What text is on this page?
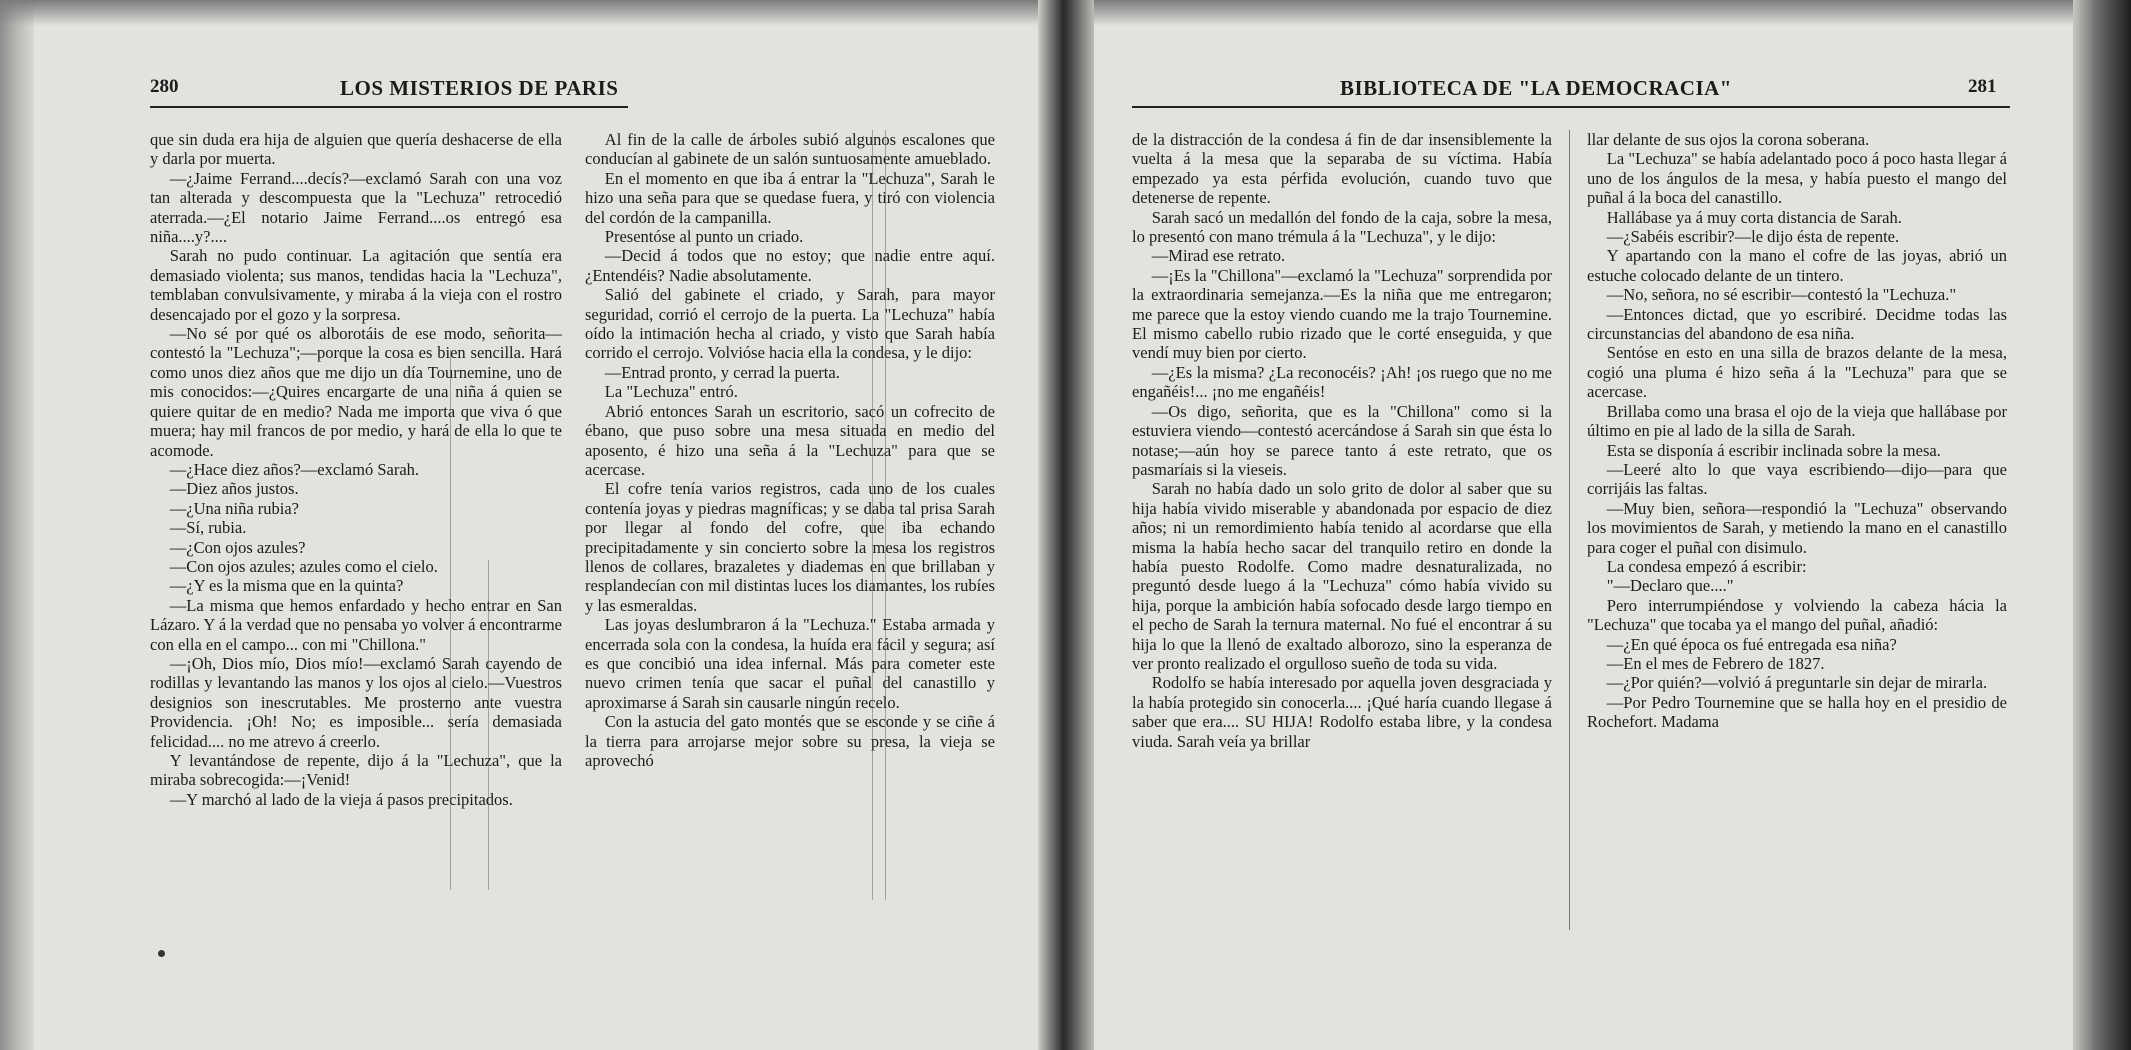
280	LOS MISTERIOS DE PARIS

que sin duda era hija de alguien que quería deshacerse de ella y darla por muerta.

—¿Jaime Ferrand....decís?—exclamó Sarah con una voz tan alterada y descompuesta que la "Lechuza" retrocedió aterrada.—¿El notario Jaime Ferrand....os entregó esa niña....y?....

Sarah no pudo continuar. La agitación que sentía era demasiado violenta; sus manos, tendidas hacia la "Lechuza", temblaban convulsivamente, y miraba á la vieja con el rostro desencajado por el gozo y la sorpresa.

—No sé por qué os alborotáis de ese modo, señorita—contestó la "Lechuza";—porque la cosa es bien sencilla. Hará como unos diez años que me dijo un día Tournemine, uno de mis conocidos:—¿Quires encargarte de una niña á quien se quiere quitar de en medio? Nada me importa que viva ó que muera; hay mil francos de por medio, y hará de ella lo que te acomode.

—¿Hace diez años?—exclamó Sarah.

—Diez años justos.

—¿Una niña rubia?

—Sí, rubia.

—¿Con ojos azules?

—Con ojos azules; azules como el cielo.

—¿Y es la misma que en la quinta?

—La misma que hemos enfardado y hecho entrar en San Lázaro. Y á la verdad que no pensaba yo volver á encontrarme con ella en el campo... con mi "Chillona."

—¡Oh, Dios mío, Dios mío!—exclamó Sarah cayendo de rodillas y levantando las manos y los ojos al cielo.—Vuestros designios son inescrutables. Me prosterno ante vuestra Providencia. ¡Oh! No; es imposible... sería demasiada felicidad.... no me atrevo á creerlo.

Y levantándose de repente, dijo á la "Lechuza", que la miraba sobrecogida:—¡Venid!

—Y marchó al lado de la vieja á pasos precipitados.

Al fin de la calle de árboles subió algunos escalones que conducían al gabinete de un salón suntuosamente amueblado.

En el momento en que iba á entrar la "Lechuza", Sarah le hizo una seña para que se quedase fuera, y tiró con violencia del cordón de la campanilla.

Presentóse al punto un criado.

—Decid á todos que no estoy; que nadie entre aquí. ¿Entendéis? Nadie absolutamente.

Salió del gabinete el criado, y Sarah, para mayor seguridad, corrió el cerrojo de la puerta. La "Lechuza" había oído la intimación hecha al criado, y visto que Sarah había corrido el cerrojo. Volvióse hacia ella la condesa, y le dijo:

—Entrad pronto, y cerrad la puerta.

La "Lechuza" entró.

Abrió entonces Sarah un escritorio, sacó un cofrecito de ébano, que puso sobre una mesa situada en medio del aposento, é hizo una seña á la "Lechuza" para que se acercase.

El cofre tenía varios registros, cada uno de los cuales contenía joyas y piedras magníficas; y se daba tal prisa Sarah por llegar al fondo del cofre, que iba echando precipitadamente y sin concierto sobre la mesa los registros llenos de collares, brazaletes y diademas en que brillaban y resplandecían con mil distintas luces los diamantes, los rubíes y las esmeraldas.

Las joyas deslumbraron á la "Lechuza." Estaba armada y encerrada sola con la condesa, la huída era fácil y segura; así es que concibió una idea infernal. Más para cometer este nuevo crimen tenía que sacar el puñal del canastillo y aproximarse á Sarah sin causarle ningún recelo.

Con la astucia del gato montés que se esconde y se ciñe á la tierra para arrojarse mejor sobre su presa, la vieja se aprovechó

BIBLIOTECA DE "LA DEMOCRACIA"	281

de la distracción de la condesa á fin de dar insensiblemente la vuelta á la mesa que la separaba de su víctima. Había empezado ya esta pérfida evolución, cuando tuvo que detenerse de repente.

Sarah sacó un medallón del fondo de la caja, sobre la mesa, lo presentó con mano trémula á la "Lechuza", y le dijo:

—Mirad ese retrato.

—¡Es la "Chillona"—exclamó la "Lechuza" sorprendida por la extraordinaria semejanza.—Es la niña que me entregaron; me parece que la estoy viendo cuando me la trajo Tournemine. El mismo cabello rubio rizado que le corté enseguida, y que vendí muy bien por cierto.

—¿Es la misma? ¿La reconocéis? ¡Ah! ¡os ruego que no me engañéis!... ¡no me engañéis!

—Os digo, señorita, que es la "Chillona" como si la estuviera viendo—contestó acercándose á Sarah sin que ésta lo notase;—aún hoy se parece tanto á este retrato, que os pasmaríais si la vieseis.

Sarah no había dado un solo grito de dolor al saber que su hija había vivido miserable y abandonada por espacio de diez años; ni un remordimiento había tenido al acordarse que ella misma la había hecho sacar del tranquilo retiro en donde la había puesto Rodolfe. Como madre desnaturalizada, no preguntó desde luego á la "Lechuza" cómo había vivido su hija, porque la ambición había sofocado desde largo tiempo en el pecho de Sarah la ternura maternal. No fué el encontrar á su hija lo que la llenó de exaltado alborozo, sino la esperanza de ver pronto realizado el orgulloso sueño de toda su vida.

Rodolfo se había interesado por aquella joven desgraciada y la había protegido sin conocerla.... ¡Qué haría cuando llegase á saber que era.... SU HIJA! Rodolfo estaba libre, y la condesa viuda. Sarah veía ya brillar

llar delante de sus ojos la corona soberana.

La "Lechuza" se había adelantado poco á poco hasta llegar á uno de los ángulos de la mesa, y había puesto el mango del puñal á la boca del canastillo.

Hallábase ya á muy corta distancia de Sarah.

—¿Sabéis escribir?—le dijo ésta de repente.

Y apartando con la mano el cofre de las joyas, abrió un estuche colocado delante de un tintero.

—No, señora, no sé escribir—contestó la "Lechuza."

—Entonces dictad, que yo escribiré. Decidme todas las circunstancias del abandono de esa niña.

Sentóse en esto en una silla de brazos delante de la mesa, cogió una pluma é hizo seña á la "Lechuza" para que se acercase.

Brillaba como una brasa el ojo de la vieja que hallábase por último en pie al lado de la silla de Sarah.

Esta se disponía á escribir inclinada sobre la mesa.

—Leeré alto lo que vaya escribiendo—dijo—para que corrijáis las faltas.

—Muy bien, señora—respondió la "Lechuza" observando los movimientos de Sarah, y metiendo la mano en el canastillo para coger el puñal con disimulo.

La condesa empezó á escribir:

"—Declaro que...."

Pero interrumpiéndose y volviendo la cabeza hácia la "Lechuza" que tocaba ya el mango del puñal, añadió:

—¿En qué época os fué entregada esa niña?

—En el mes de Febrero de 1827.

—¿Por quién?—volvió á preguntarle sin dejar de mirarla.

—Por Pedro Tournemine que se halla hoy en el presidio de Rochefort. Madama
